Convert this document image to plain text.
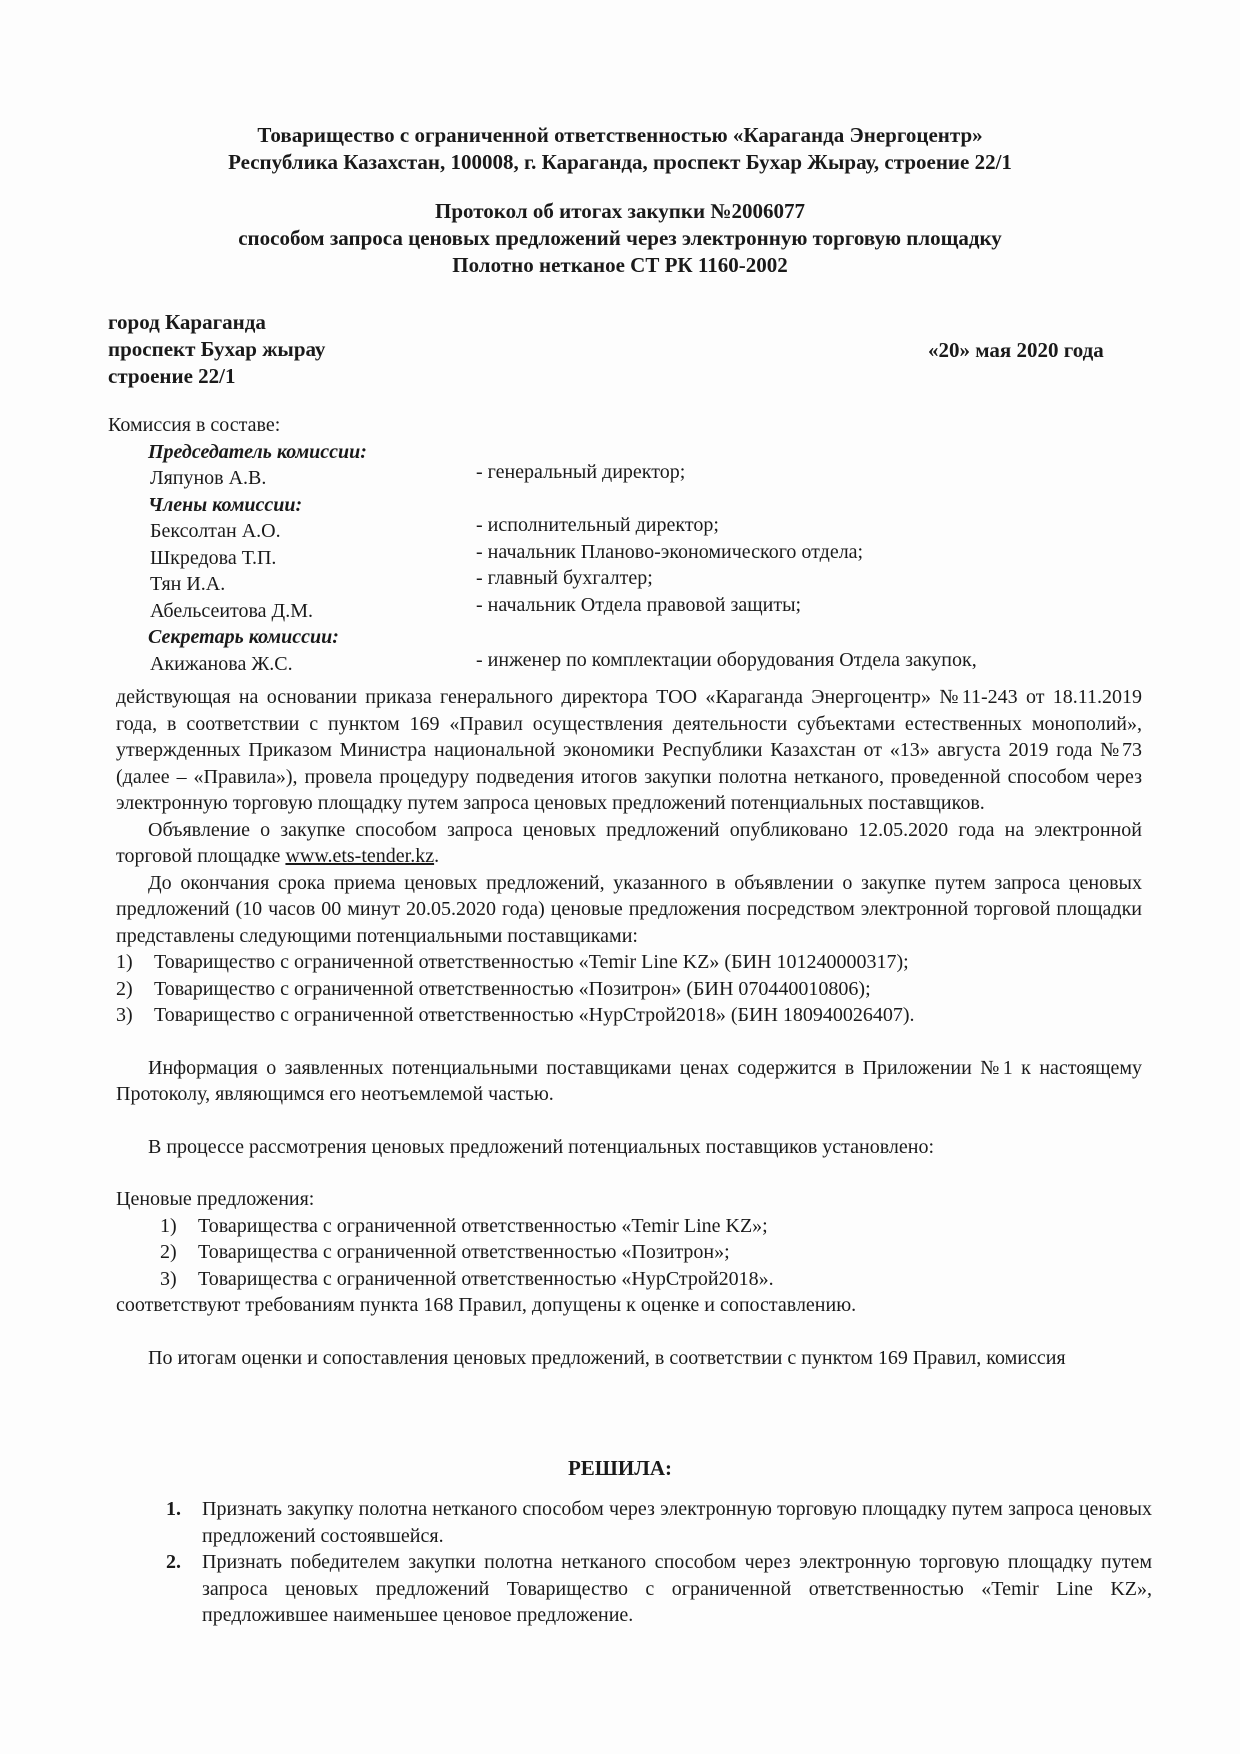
Товарищество с ограниченной ответственностью «Караганда Энергоцентр»
Республика Казахстан, 100008, г. Караганда, проспект Бухар Жырау, строение 22/1
Протокол об итогах закупки №2006077
способом запроса ценовых предложений через электронную торговую площадку
Полотно нетканое СТ РК 1160-2002
город Караганда
проспект Бухар жырау
строение 22/1
«20» мая 2020 года
Комиссия в составе:
Председатель комиссии:
Ляпунов А.В.	- генеральный директор;
Члены комиссии:
Бексолтан А.О.	- исполнительный директор;
Шкредова Т.П.	- начальник Планово-экономического отдела;
Тян И.А.	- главный бухгалтер;
Абельсеитова Д.М.	- начальник Отдела правовой защиты;
Секретарь комиссии:
Акижанова Ж.С.	- инженер по комплектации оборудования Отдела закупок,

действующая на основании приказа генерального директора ТОО «Караганда Энергоцентр» №11-243 от 18.11.2019 года, в соответствии с пунктом 169 «Правил осуществления деятельности субъектами естественных монополий», утвержденных Приказом Министра национальной экономики Республики Казахстан от «13» августа 2019 года №73 (далее – «Правила»), провела процедуру подведения итогов закупки полотна нетканого, проведенной способом через электронную торговую площадку путем запроса ценовых предложений потенциальных поставщиков.

Объявление о закупке способом запроса ценовых предложений опубликовано 12.05.2020 года на электронной торговой площадке www.ets-tender.kz.

До окончания срока приема ценовых предложений, указанного в объявлении о закупке путем запроса ценовых предложений (10 часов 00 минут 20.05.2020 года) ценовые предложения посредством электронной торговой площадки представлены следующими потенциальными поставщиками:

1) Товарищество с ограниченной ответственностью «Temir Line KZ» (БИН 101240000317);
2) Товарищество с ограниченной ответственностью «Позитрон» (БИН 070440010806);
3) Товарищество с ограниченной ответственностью «НурСтрой2018» (БИН 180940026407).

Информация о заявленных потенциальными поставщиками ценах содержится в Приложении №1 к настоящему Протоколу, являющимся его неотъемлемой частью.

В процессе рассмотрения ценовых предложений потенциальных поставщиков установлено:

Ценовые предложения:

1) Товарищества с ограниченной ответственностью «Temir Line KZ»;
2) Товарищества с ограниченной ответственностью «Позитрон»;
3) Товарищества с ограниченной ответственностью «НурСтрой2018».

соответствуют требованиям пункта 168 Правил, допущены к оценке и сопоставлению.

По итогам оценки и сопоставления ценовых предложений, в соответствии с пунктом 169 Правил, комиссия

РЕШИЛА:
1. Признать закупку полотна нетканого способом через электронную торговую площадку путем запроса ценовых предложений состоявшейся.
2. Признать победителем закупки полотна нетканого способом через электронную торговую площадку путем запроса ценовых предложений Товарищество с ограниченной ответственностью «Temir Line KZ», предложившее наименьшее ценовое предложение.
